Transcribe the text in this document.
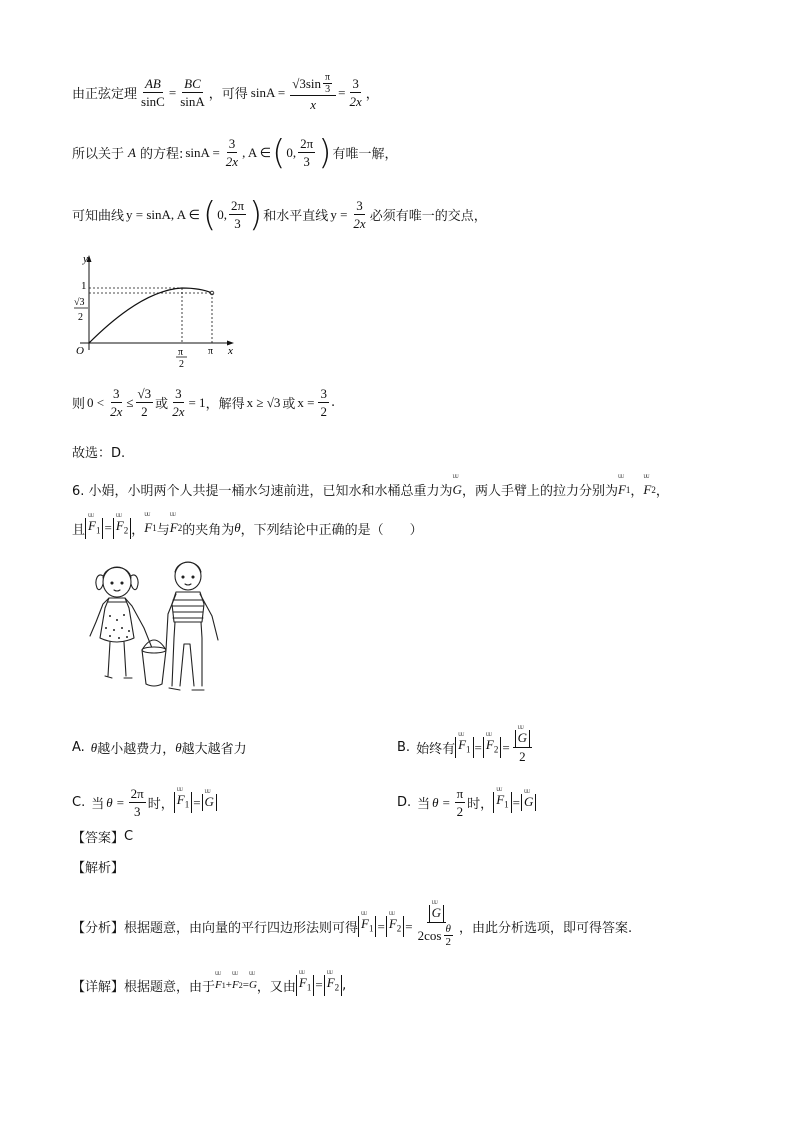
由正弦定理 $\frac{AB}{\sin C} = \frac{BC}{\sin A}$ ，可得 $\sin A = \frac{√3\sin \frac{\pi}{3}}{x} = \frac{3}{2x}$ ，
所以关于 A 的方程: $\sin A = \frac{3}{2x}$ , A ∈ ( 0, $\frac{2\pi}{3}$ ) 有唯一解，
可知曲线 y = sinA, A ∈ ( 0, $\frac{2\pi}{3}$ ) 和水平直线 $y = \frac{3}{2x}$ 必须有唯一的交点，
y
x
O
1
√3
2
π
2
π
则 $0 < \frac{3}{2x} \le \frac{√3}{2}$ 或 $\frac{3}{2x} = 1$ ，解得 x ≥ √3 或 $x = \frac{3}{2}$ .
故选：D.
6. 小娟，小明两个人共提一桶水匀速前进，已知水和水桶总重力为 ᵁᵁ G ，两人手臂上的拉力分别为 ᵁᵁ F 1 ， ᵁᵁ F 2 ，
且 ᵁᵁ $F_1$ = ᵁᵁ $F_2$ ， ᵁᵁ F 1 与 ᵁᵁ F 2 的夹角为 θ ，下列结论中正确的是（　　）
A. θ 越小越费力， θ 越大越省力	B. 始终有 ᵁᵁ $F_1$ = ᵁᵁ $F_2$ = ᵁᵁ $\frac{G}{2}$
C. 当 $\theta = \frac{2\pi}{3}$ 时， ᵁᵁ $F_1$ = ᵁᵁ G	D. 当 $\theta = \frac{\pi}{2}$ 时， ᵁᵁ $F_1$ = ᵁᵁ G
【答案】 C
【解析】
【分析】 根据题意，由向量的平行四边形法则可得 ᵁᵁ $F_1$ = ᵁᵁ $F_2$ = ᵁᵁ $\frac{G}{2\cos \frac{\theta}{2}}$ ，由此分析选项，即可得答案.
【详解】 根据题意，由于 ᵁᵁ F 1 + ᵁᵁ F 2 = ᵁᵁ G ，又由 ᵁᵁ $F_1$ = ᵁᵁ $F_2$ ,
